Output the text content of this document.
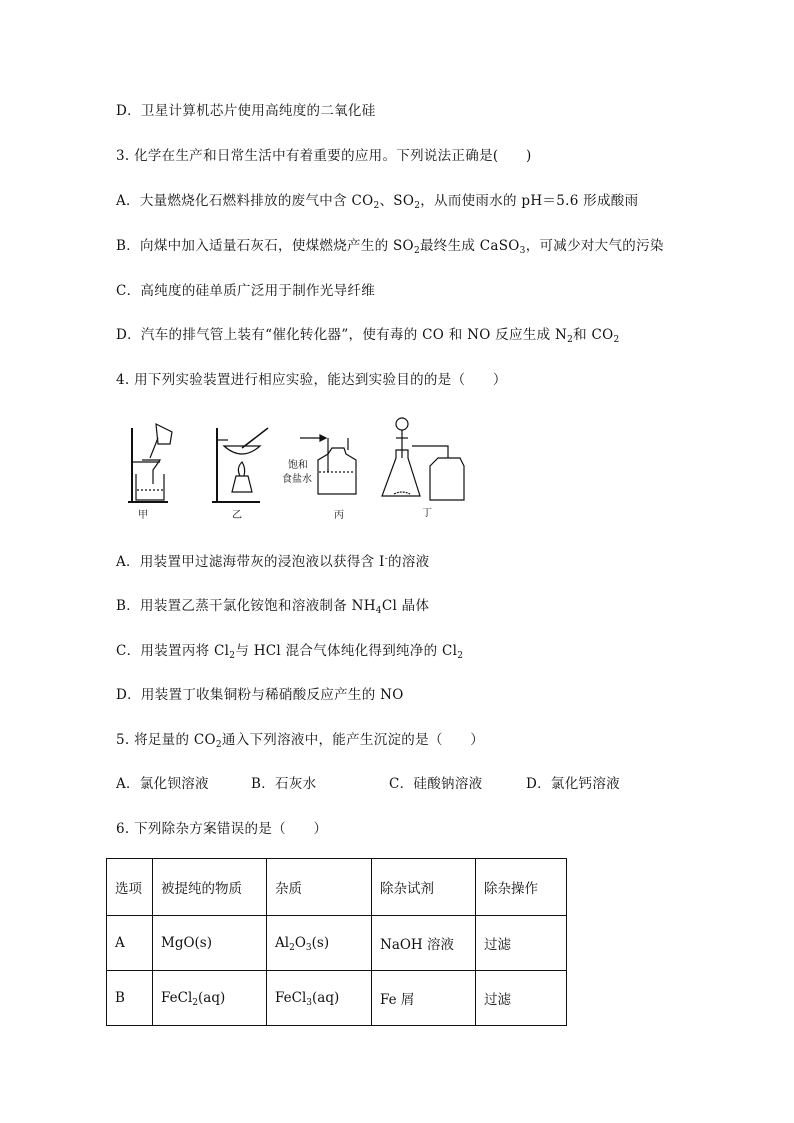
D．卫星计算机芯片使用高纯度的二氧化硅
3. 化学在生产和日常生活中有着重要的应用。下列说法正确是(　　)
A．大量燃烧化石燃料排放的废气中含 $CO_2$、$SO_2$，从而使雨水的 pH＝5.6 形成酸雨
B．向煤中加入适量石灰石，使煤燃烧产生的 $SO_2$最终生成 CaSO$_3$，可减少对大气的污染
C．高纯度的硅单质广泛用于制作光导纤维
D．汽车的排气管上装有“催化转化器”，使有毒的 CO 和 NO 反应生成 $N_2$和 $CO_2$
4. 用下列实验装置进行相应实验，能达到实验目的的是（　　）
甲	乙
饱和
食盐水
丙	丁
A．用装置甲过滤海带灰的浸泡液以获得含 I-的溶液
B．用装置乙蒸干氯化铵饱和溶液制备 $NH_4Cl$ 晶体
C．用装置丙将 $Cl_2$与 HCl 混合气体纯化得到纯净的 $Cl_2$
D．用装置丁收集铜粉与稀硝酸反应产生的 NO
5. 将足量的 $CO_2$通入下列溶液中，能产生沉淀的是（　　）
A．氯化钡溶液	B．石灰水	C．硅酸钠溶液	D．氯化钙溶液
6. 下列除杂方案错误的是（　　）
选项	被提纯的物质	杂质	除杂试剂	除杂操作
A	MgO(s)	$Al_2O_3(s)$	NaOH 溶液	过滤
B	FeCl$_2$(aq)	FeCl$_3$(aq)	Fe 屑	过滤
